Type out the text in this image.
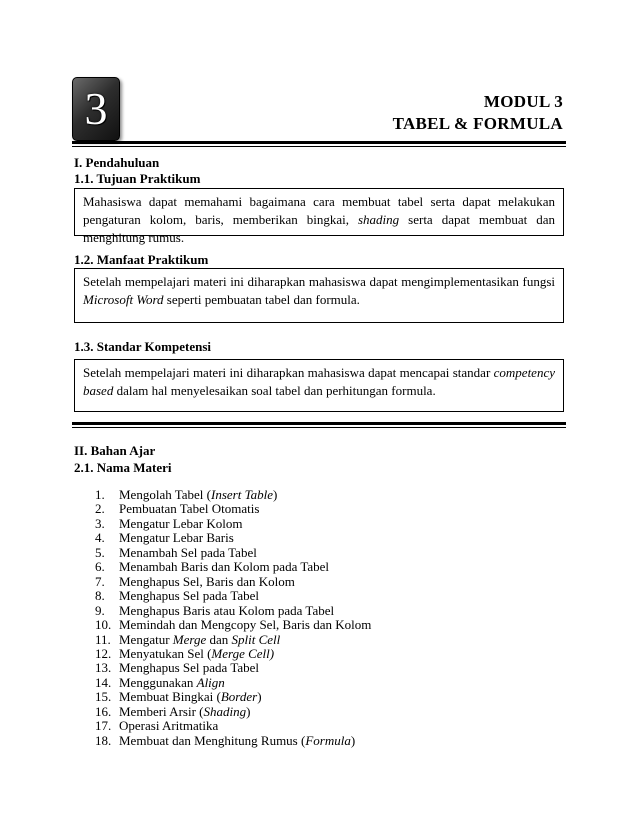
3	MODUL 3
TABEL & FORMULA
I. Pendahuluan
1.1. Tujuan Praktikum
Mahasiswa dapat memahami bagaimana cara membuat tabel serta dapat melakukan pengaturan kolom, baris, memberikan bingkai, shading serta dapat membuat dan menghitung rumus.
1.2. Manfaat Praktikum
Setelah mempelajari materi ini diharapkan mahasiswa dapat mengimplementasikan fungsi Microsoft Word seperti pembuatan tabel dan formula.
1.3. Standar Kompetensi
Setelah mempelajari materi ini diharapkan mahasiswa dapat mencapai standar competency based dalam hal menyelesaikan soal tabel dan perhitungan formula.
II. Bahan Ajar
2.1. Nama Materi
1. Mengolah Tabel (Insert Table)
2. Pembuatan Tabel Otomatis
3. Mengatur Lebar Kolom
4. Mengatur Lebar Baris
5. Menambah Sel pada Tabel
6. Menambah Baris dan Kolom pada Tabel
7. Menghapus Sel, Baris dan Kolom
8. Menghapus Sel pada Tabel
9. Menghapus Baris atau Kolom pada Tabel
10. Memindah dan Mengcopy Sel, Baris dan Kolom
11. Mengatur Merge dan Split Cell
12. Menyatukan Sel (Merge Cell)
13. Menghapus Sel pada Tabel
14. Menggunakan Align
15. Membuat Bingkai (Border)
16. Memberi Arsir (Shading)
17. Operasi Aritmatika
18. Membuat dan Menghitung Rumus (Formula)
